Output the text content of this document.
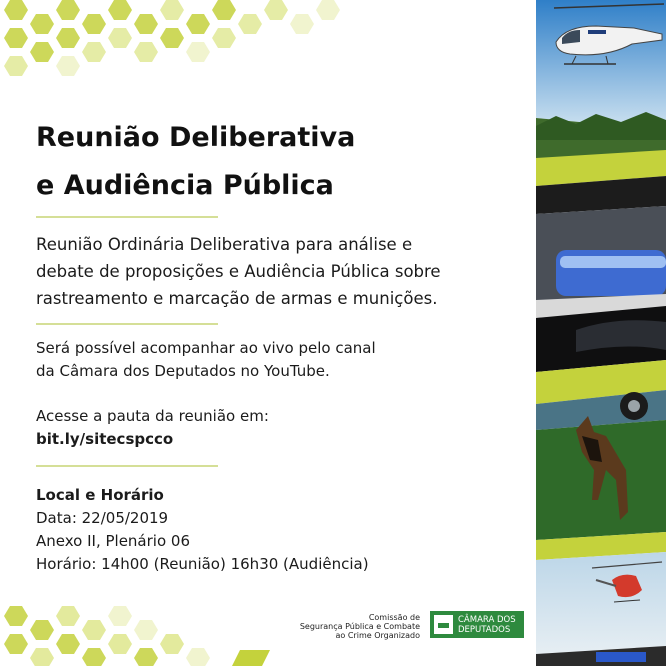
Reunião Deliberativa
e Audiência Pública
Reunião Ordinária Deliberativa para análise e
debate de proposições e Audiência Pública sobre
rastreamento e marcação de armas e munições.
Será possível acompanhar ao vivo pelo canal
da Câmara dos Deputados no YouTube.
Acesse a pauta da reunião em:
bit.ly/sitecspcco
Local e Horário
Data: 22/05/2019
Anexo II, Plenário 06
Horário: 14h00 (Reunião) 16h30 (Audiência)
Comissão de
Segurança Pública e Combate
ao Crime Organizado
CÂMARA DOS
DEPUTADOS
